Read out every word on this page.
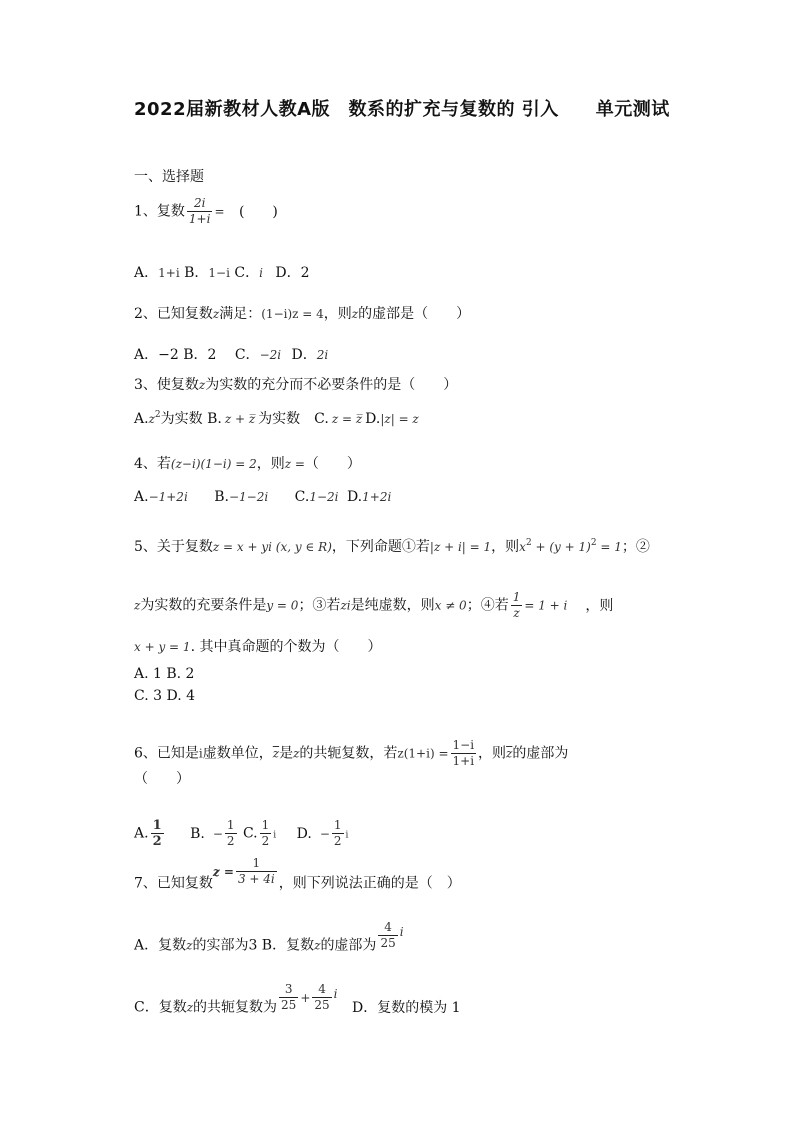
2022届新教材人教A版　数系的扩充与复数的 引入　　单元测试
一、选择题
1、复数 $\frac{2i}{1+i}$ = (　　)
A．1+i B．1−i C．i D．2
2、已知复数z满足：(1−i)z = 4，则z的虚部是（　　）
A．−2 B．2　 C．−2i D．2i
3、使复数z为实数的充分而不必要条件的是（　　）
$A.z^2$为实数 B. z + z̅ 为实数　C. z = z̅ D.|z| = z
4、若(z−i)(1−i) = 2，则z =（　　）
A.−1+2i B.−1−2i C.1−2i D.1+2i
5、关于复数z = x + yi (x, y ∈ R)，下列命题①若|z + i| = 1，则$x^2 + (y + 1)^2 = 1$；②
z为实数的充要条件是y = 0；③若zi是纯虚数，则x ≠ 0；④若 $\frac{1}{z} = 1 + i$ ，则
x + y = 1. 其中真命题的个数为（　　）
A. 1 B. 2
C. 3 D. 4
6、已知是i虚数单位，$\overline{z}$是z的共轭复数，若$z(1+i) = \frac{1-i}{1+i}$ ，则$\overline{z}$的虚部为
（　　）
A. $\frac{1}{2} B$. − $\frac{1}{2} C$. $\frac{1}{2}$ i D. − $\frac{1}{2}$ i
7、已知复数$z = \frac{1}{3 + 4i}$ ，则下列说法正确的是（　）
A．复数z的实部为3 B．复数z的虚部为 $\frac{4}{25}$ i
C．复数z的共轭复数为 $\frac{3}{25} + \frac{4}{25}$ i D．复数的模为 1
